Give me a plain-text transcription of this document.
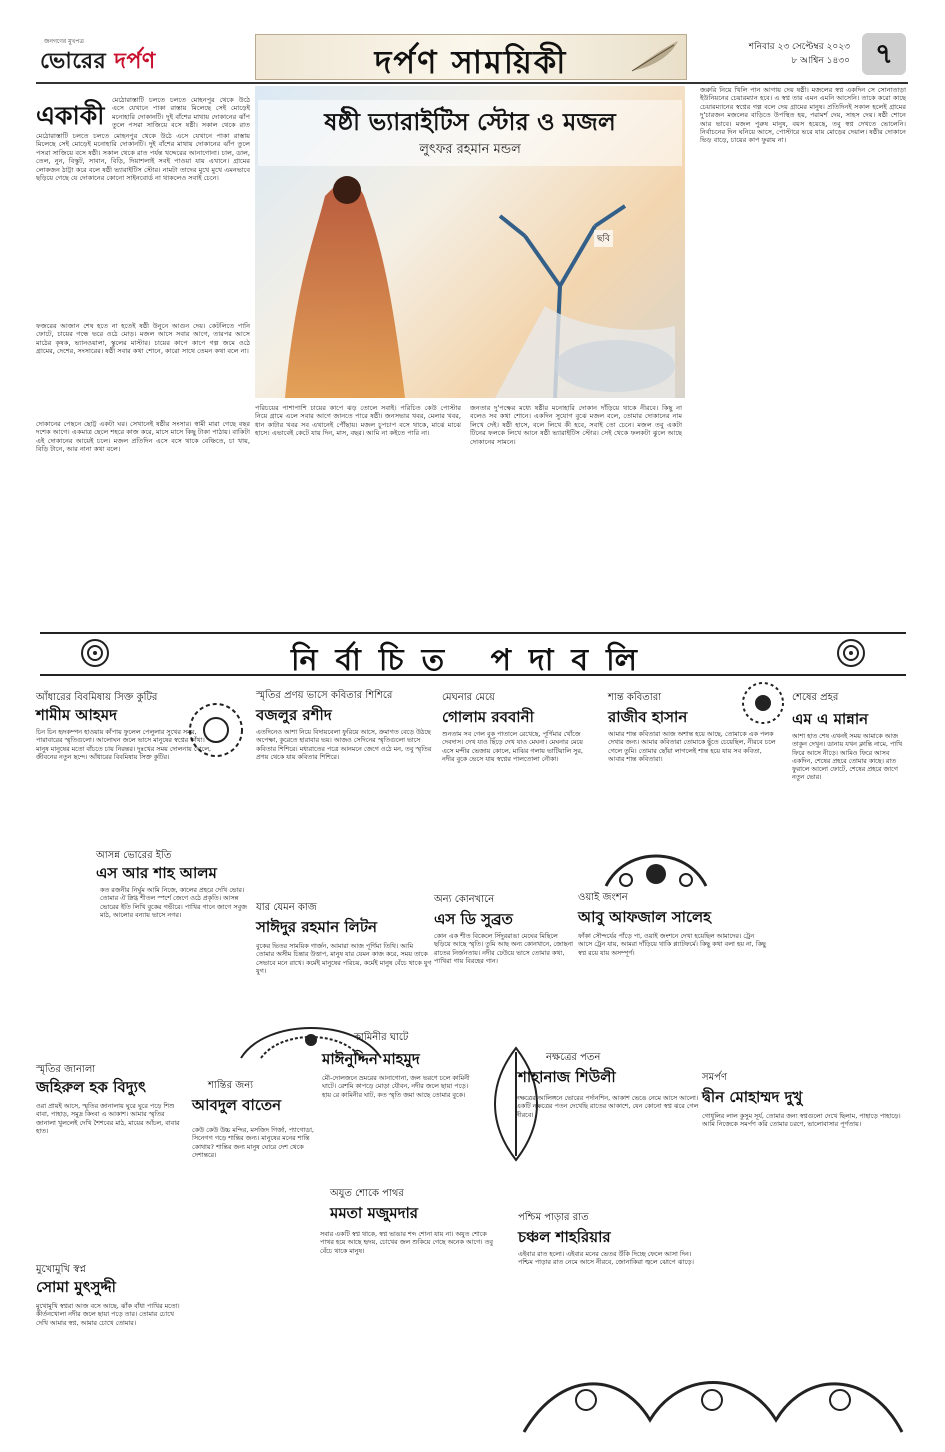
জনগণের মুখপত্র
ভোরের দর্পণ	দর্পণ সাময়িকী	শনিবার ২৩ সেপ্টেম্বর ২০২৩
৮ আশ্বিন ১৪৩০ ৭
একাকী
মেঠোরাস্তাটি চলতে চলতে মোহনপুর থেকে উঠে এসে যেখানে পাকা রাস্তায় মিলেছে সেই মোড়েই মনোহারি দোকানটি। দুই বাঁশের মাথায় দোকানের ঝাঁপ তুলে পসরা সাজিয়ে বসে ষষ্ঠী। সকাল থেকে রাত
মেঠোরাস্তাটি চলতে চলতে মোহনপুর থেকে উঠে এসে যেখানে পাকা রাস্তায় মিলেছে সেই মোড়েই মনোহারি দোকানটি। দুই বাঁশের মাথায় দোকানের ঝাঁপ তুলে পসরা সাজিয়ে বসে ষষ্ঠী। সকাল থেকে রাত পর্যন্ত খদ্দেরের আনাগোনা। চাল, ডাল, তেল, নুন, বিস্কুট, সাবান, বিড়ি, দিয়াশলাই সবই পাওয়া যায় এখানে। গ্রামের লোকজন ঠাট্টা করে বলে ষষ্ঠী ভ্যারাইটিস স্টোর। নামটা তাদের মুখে মুখে এমনভাবে ছড়িয়ে গেছে যে দোকানের কোনো সাইনবোর্ড না থাকলেও সবাই চেনে।
ফজরের আজান শেষ হতে না হতেই ষষ্ঠী উনুনে আগুন দেয়। কেটলিতে পানি ফোটে, চায়ের গন্ধে ভরে ওঠে মোড়। মজল আসে সবার আগে, তারপর আসে মাঠের কৃষক, ভ্যানওয়ালা, স্কুলের মাস্টার। চায়ের কাপে কাপে গল্প জমে ওঠে গ্রামের, দেশের, সংসারের। ষষ্ঠী সবার কথা শোনে, কারো সাথে তেমন কথা বলে না।
দোকানের পেছনে ছোট্ট একটা ঘর। সেখানেই ষষ্ঠীর সংসার। স্বামী মারা গেছে বছর দশেক আগে। একমাত্র ছেলে শহরে কাজ করে, মাসে মাসে কিছু টাকা পাঠায়। বাকিটা এই দোকানের আয়েই চলে। মজল প্রতিদিন এসে বসে থাকে বেঞ্চিতে, চা খায়, বিড়ি টানে, আর নানা কথা বলে।
ষষ্ঠী ভ্যারাইটিস স্টোর ও মজল
লুৎফর রহমান মন্ডল
ছবি
পরিচয়ের পাশাপাশি চায়ের কাপে ঝড় তোলে সবাই। পরিচিত কেউ পোস্টার নিয়ে গ্রামে এলে সবার আগে জানতে পারে ষষ্ঠী। জনসভার খবর, মেলার খবর, ধান কাটার খবর সব এখানেই পৌঁছায়। মজল চুপচাপ বসে থাকে, মাঝে মাঝে হাসে। এভাবেই কেটে যায় দিন, মাস, বছর। আমি না কইতে পারি না।
জনতার দু'পক্ষের মধ্যে ষষ্ঠীর মনোহারি দোকান দাঁড়িয়ে থাকে নীরবে। কিছু না বলেও সব কথা শোনে। একদিন সুযোগ বুঝে মজল বলে, তোমার দোকানের নাম লিখে দেই। ষষ্ঠী হাসে, বলে লিখে কী হবে, সবাই তো চেনে। মজল তবু একটা টিনের ফলকে লিখে আনে ষষ্ঠী ভ্যারাইটিস স্টোর। সেই থেকে ফলকটা ঝুলে আছে দোকানের সামনে।
জরুরি নিয়ে খিলি পান আগায় দেয় ষষ্ঠী। মজলের স্বপ্ন একদিন সে সোনাতাড়া ইউনিয়নের চেয়ারম্যান হবে। এ স্বপ্ন তার এমন এমনি আসেনি। তাকে করো কাছে চেয়ারম্যানের স্বপ্নের গল্প বলে দেয় গ্রামের মানুষ। প্রতিদিনই সকাল হলেই গ্রামের দু'চারজন মজলের বাড়িতে উপস্থিত হয়, পরামর্শ দেয়, সাহস দেয়। ষষ্ঠী শোনে আর ভাবে। মজল পুরুষ মানুষ, বয়স হয়েছে, তবু স্বপ্ন দেখতে ভোলেনি। নির্বাচনের দিন ঘনিয়ে আসে, পোস্টারে ভরে যায় মোড়ের দেয়াল। ষষ্ঠীর দোকানে ভিড় বাড়ে, চায়ের কাপ ফুরায় না।
নির্বাচিত পদাবলি
আঁধারের বিবমিষায় সিক্ত কুটির
শামীম আহমদ
চিন চিন হৃদকম্পন হাওয়ায় কাঁপায় ফুলেল পেলুলার সুখের সময়, পারাবারের স্মৃতিগুলো। আলোঘন জলে ভাসে মানুষের স্বপ্নের কাঁথা। মানুষ মানুষের মতো বাঁচতে চায় নিরন্তর। দুঃখের সময় দোলনায় দোলে, জীবনের নতুন ছন্দে। আঁধারের বিবমিষায় সিক্ত কুটির।
স্মৃতির প্রণয় ভাসে কবিতার শিশিরে
বজলুর রশীদ
এতদিনেও আশা নিয়ে বিদায়বেলা ফুরিয়ে আসে, ক্রমাগত বেড়ে উঠছে অপেক্ষা, কুরেতে হারাবার ভয়। আজও সেদিনের স্মৃতিগুলো ভাসে কবিতার শিশিরে। মধ্যরাতের পত্রে আনমনে জেগে ওঠে মন, তবু স্মৃতির প্রণয় থেকে যায় কবিতার শিশিরে।
মেঘনার মেয়ে
গোলাম রববানী
শুনতাম সব গেল বুক পাতালে রেখেছে, পূর্ণিমার খোঁজে দেবদাস। দেখ যাও ছিঁড়ে দেখ যাও মেঘনা। মেঘনার মেয়ে এসে মন্দীর ভেজায় কোলে, মাঝির গলায় ভাটিয়ালি সুর, নদীর বুকে ভেসে যায় স্বপ্নের পালতোলা নৌকা।
শান্ত কবিতারা
রাজীব হাসান
আমার শান্ত কবিতারা আজ অশান্ত হয়ে আছে, তোমাকে এক পলক দেখার জন্য। আমার কবিতারা তোমাকে ছুঁতে চেয়েছিল, নীরবে চলে গেলে তুমি। তোমার ছোঁয়া লাগলেই শান্ত হয়ে যায় সব কবিতা, আবার শান্ত কবিতারা।
শেষের প্রহর
এম এ মান্নান
আশা হাত শেষ এখনই সময় আমাকে আজ তাকুন দেখুন। ডানায় যখন ক্লান্তি নামে, পাখি ফিরে আসে নীড়ে। আমিও ফিরে আসব একদিন, শেষের প্রহরে তোমার কাছে। রাত ফুরালে আলো ফোটে, শেষের প্রহরে জাগে নতুন ভোর।
আসন্ন ভোরের ইতি
এস আর শাহ আলম
কত রজনীর নির্ঘুম আমি নিজে, কালের প্রহরে দেখি ভোর। তোমার ঐ স্নিগ্ধ শীতল স্পর্শে জেগে ওঠে প্রকৃতি। আসন্ন ভোরের ইতি লিখি বুকের গভীরে। পাখির গানে জাগে সবুজ মাঠ, আলোর বন্যায় ভাসে নগর।
যার যেমন কাজ
সাঈদুর রহমান লিটন
বুকের ভিতর সাময়িক গার্জন, আমারা আজ পূর্ণিমা তিথি। আমি তোমার অসীম চিন্তার উত্তাপ, মানুষ যার যেমন কাজ করে, সময় তাকে সেভাবে মনে রাখে। কর্মেই মানুষের পরিচয়, কর্মেই মানুষ বেঁচে থাকে যুগ যুগ।
অন্য কোনখানে
এস ডি সুব্রত
কোন এক শীত বিকেলে সিঁদুররাঙা মেঘের মিছিলে ছড়িয়ে আছে স্মৃতি। তুমি আছ অন্য কোনখানে, জোছনা রাতের নির্জনতায়। নদীর ঢেউয়ে ভাসে তোমার কথা, পাখিরা গায় বিরহের গান।
ওয়াই জংশন
আবু আফজাল সালেহ
ফাঁকা সৌন্দর্যের পাঁড়ে পা, ওয়াই জংশনে দেখা হয়েছিল আমাদের। ট্রেন আসে ট্রেন যায়, আমরা দাঁড়িয়ে থাকি প্ল্যাটফর্মে। কিছু কথা বলা হয় না, কিছু স্বপ্ন রয়ে যায় অসম্পূর্ণ।
কামিনীর ঘাটে
মাঈনুদ্দিন মাহমুদ
মৌ-দোলজনে ভ্রমরের আনাগোনা, জল ভরণে চলে কামিনী ঘাটে। রেশমি কাপড়ে মোড়া যৌবন, নদীর জলে ছায়া পড়ে। হায় রে কামিনীর ঘাট, কত স্মৃতি জমা আছে তোমার বুকে।
স্মৃতির জানালা
জহিরুল হক বিদ্যুৎ
ওরা প্রায়ই আসে, স্মৃতির জানালায় ঘুরে ঘুরে পড়ে শিশু বাবা, পাহাড়, সমুদ্র কিংবা এ আকাশ। আমার স্মৃতির জানালা খুললেই দেখি শৈশবের মাঠ, মায়ের আঁচল, বাবার হাত।
শান্তির জন্য
আবদুল বাতেন
কেউ কেউ উচ্চ মন্দির, মসজিদ গির্জা, প্যাগোডা, সিনেগগ গড়ে শান্তির জন্য। মানুষের মনের শান্তি কোথায়? শান্তির জন্য মানুষ ঘোরে দেশ থেকে দেশান্তরে।
অযুত শোকে পাথর
মমতা মজুমদার
সবার একটি স্বপ্ন থাকে, স্বপ্ন ভাঙার শব্দ শোনা যায় না। অযুত শোকে পাথর হয়ে আছে হৃদয়, চোখের জল শুকিয়ে গেছে অনেক আগে। তবু বেঁচে থাকে মানুষ।
নক্ষত্রের পতন
শাহানাজ শিউলী
নক্ষত্রের আলিঙ্গনে ভোরের পর্দানশিন, আকাশ ভেঙে নেমে আসে আলো। একটি নক্ষত্রের পতন দেখেছি রাতের আকাশে, যেন কোনো স্বপ্ন ঝরে গেল নীরবে।
সমর্পণ
দ্বীন মোহাম্মদ দুখু
গোধূলির লাল কুসুম সূর্য, তোমার জন্য স্বপ্নগুলো দেখে ছিলাম, পাহাড়ে পাহাড়ে। আমি নিজেকে সমর্পণ করি তোমার চরণে, ভালোবাসার পূর্ণতায়।
মুখোমুখি স্বপ্ন
সোমা মুৎসুদ্দী
মুখোমুখি স্বপ্নরা আজ বসে আছে, ঝাঁক বাঁধা পাখির মতো। কীর্তনখোলা নদীর জলে ছায়া পড়ে তার। তোমার চোখে দেখি আমার স্বপ্ন, আমার চোখে তোমার।
পশ্চিম পাড়ার রাত
চঞ্চল শাহরিয়ার
এইবার রাত হলো। এইবার মনের ভেতর উঁকি দিচ্ছে ফেলে আসা দিন। পশ্চিম পাড়ার রাত নেমে আসে নীরবে, জোনাকিরা জ্বলে ঝোপে ঝাড়ে।
